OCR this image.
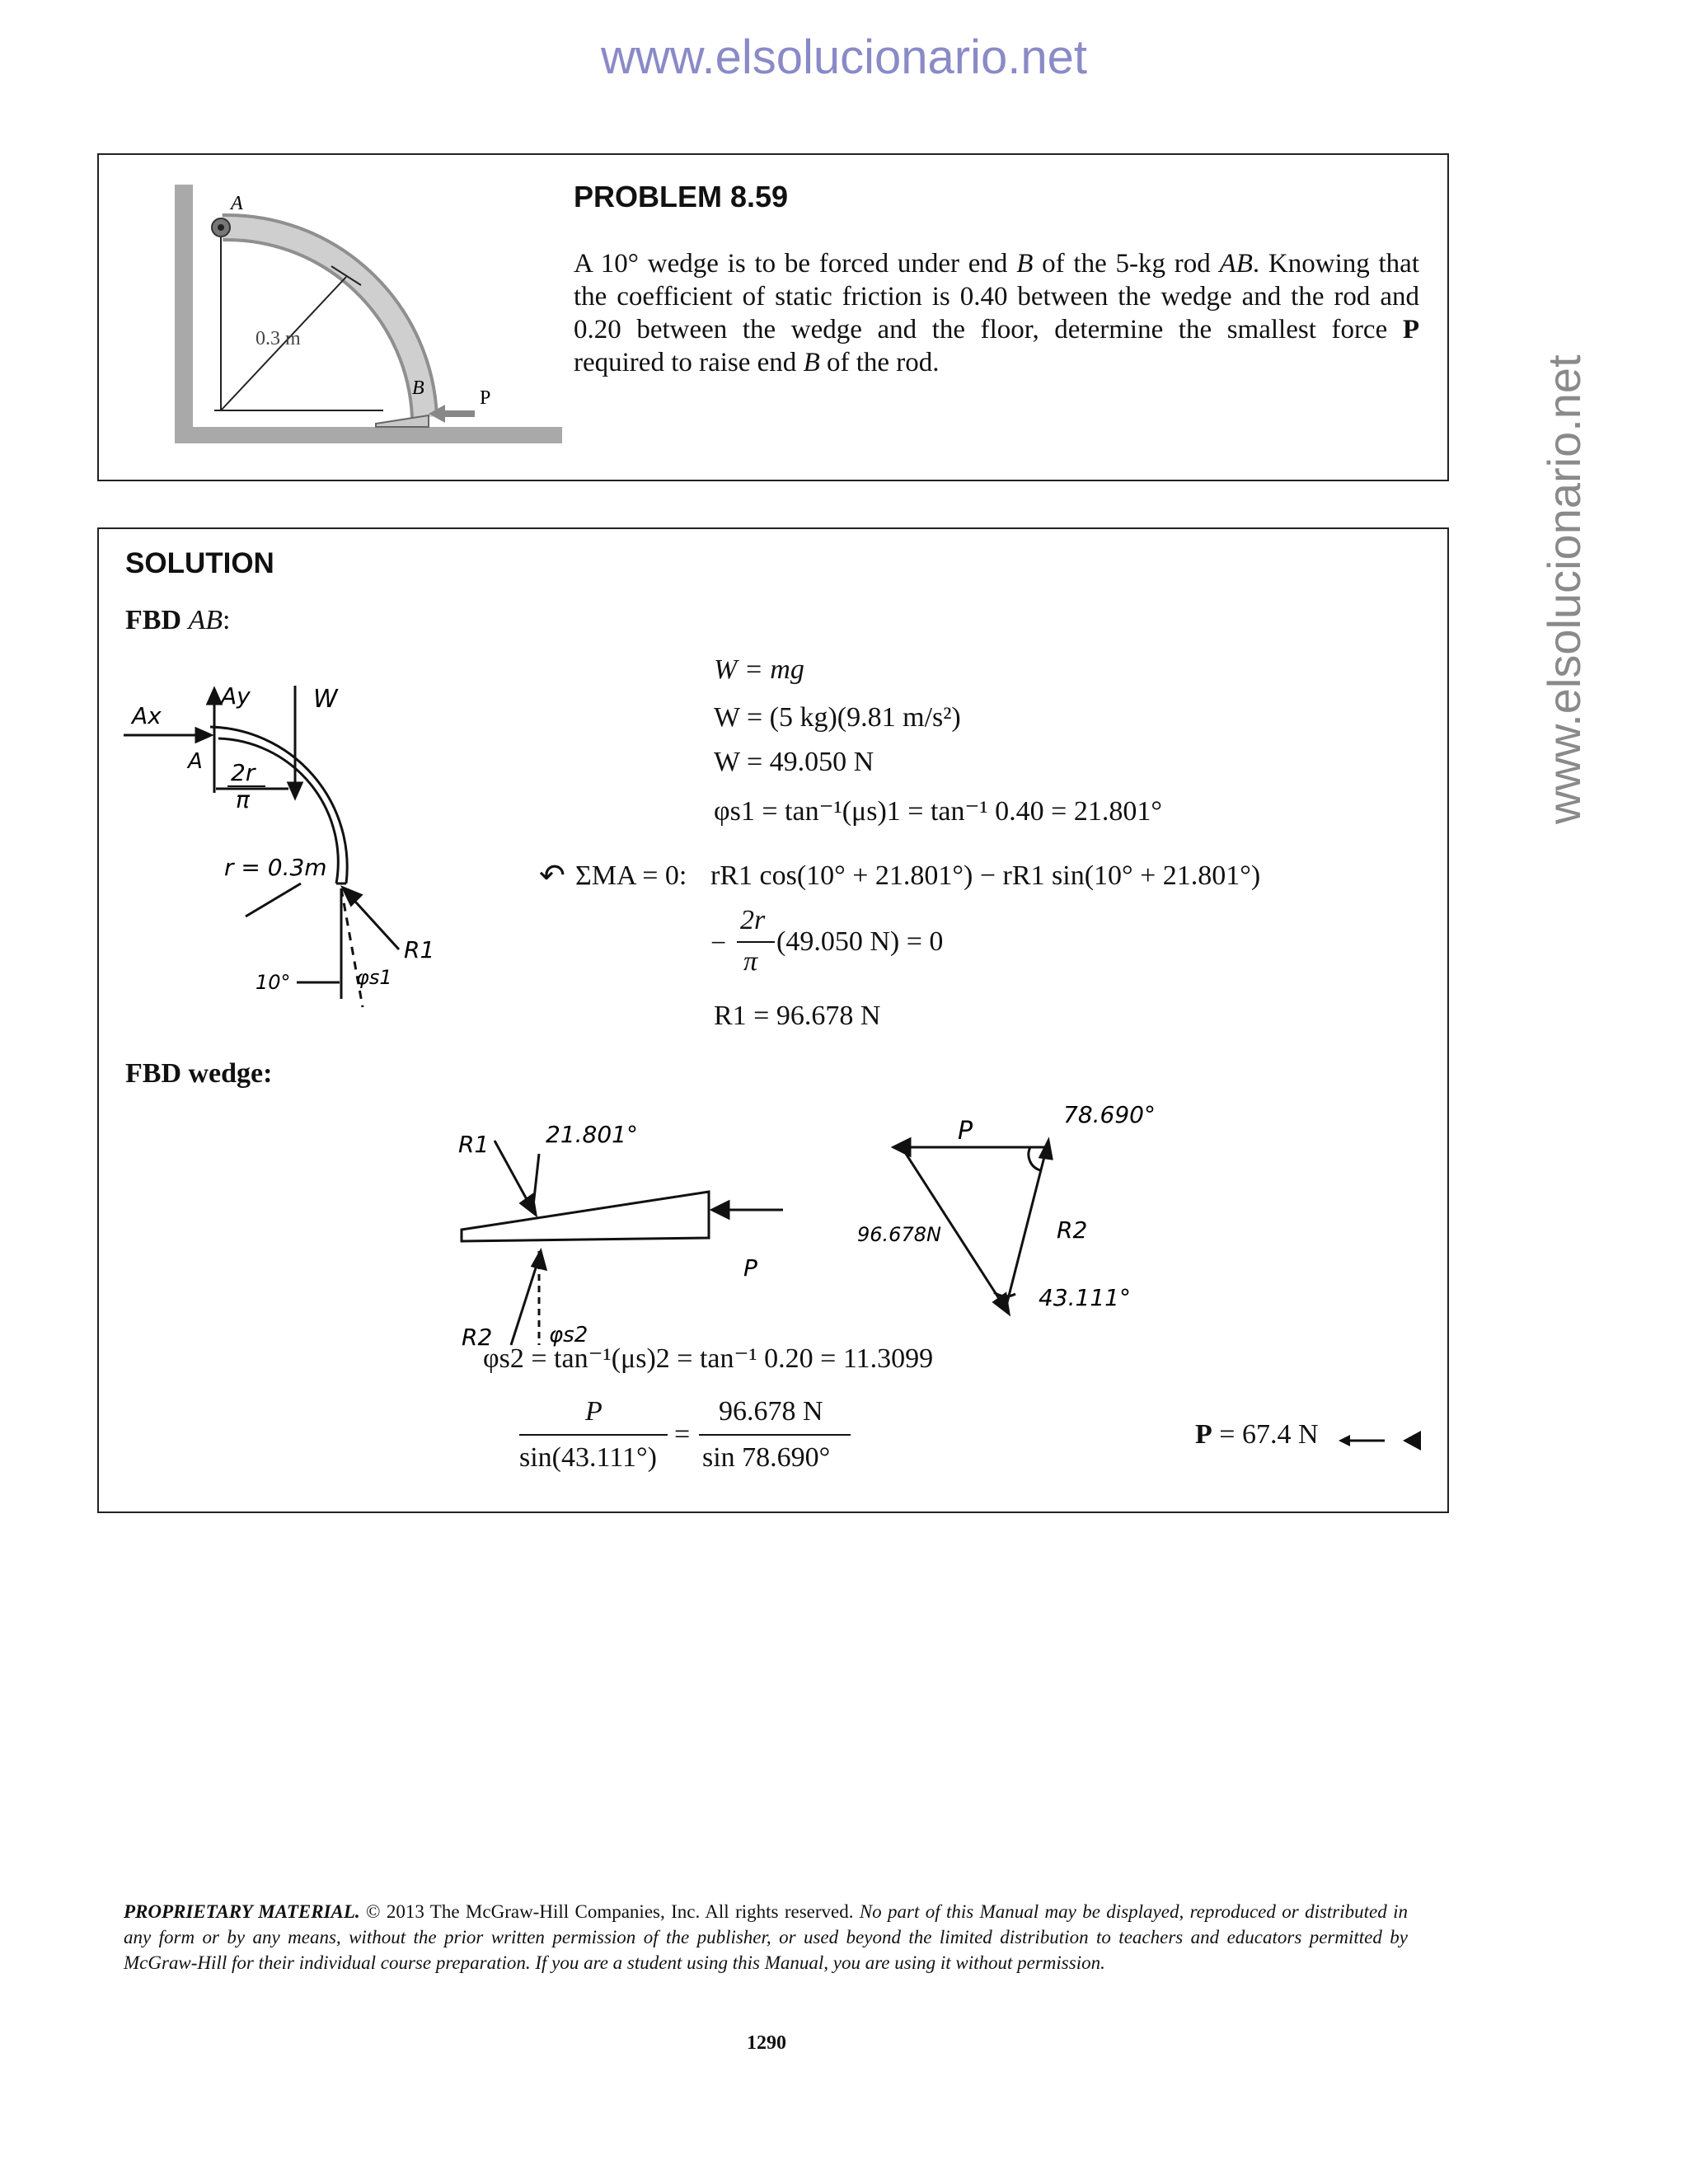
www.elsolucionario.net
www.elsolucionario.net
A
B	P
0.3 m
PROBLEM 8.59
A 10° wedge is to be forced under end B of the 5-kg rod AB. Knowing that the coefficient of static friction is 0.40 between the wedge and the rod and 0.20 between the wedge and the floor, determine the smallest force P required to raise end B of the rod.
SOLUTION
FBD AB:
Ax
Ay
A
W
2r
π
r = 0.3m
10°	φs1
R1
W = mg
W = (5 kg)(9.81 m/s²)
W = 49.050 N
φs1 = tan⁻¹(μs)1 = tan⁻¹ 0.40 = 21.801°
↶ ΣMA = 0: rR1 cos(10° + 21.801°) − rR1 sin(10° + 21.801°)
−
2r
π
(49.050 N) = 0
R1 = 96.678 N
FBD wedge:
R1 21.801°
P
R2	φs2
P
78.690°
96.678N	R2
43.111°
φs2 = tan⁻¹(μs)2 = tan⁻¹ 0.20 = 11.3099
P
sin(43.111°)
=
96.678 N
sin 78.690°
P = 67.4 N
PROPRIETARY MATERIAL. © 2013 The McGraw-Hill Companies, Inc. All rights reserved. No part of this Manual may be displayed, reproduced or distributed in any form or by any means, without the prior written permission of the publisher, or used beyond the limited distribution to teachers and educators permitted by McGraw-Hill for their individual course preparation. If you are a student using this Manual, you are using it without permission.
1290
